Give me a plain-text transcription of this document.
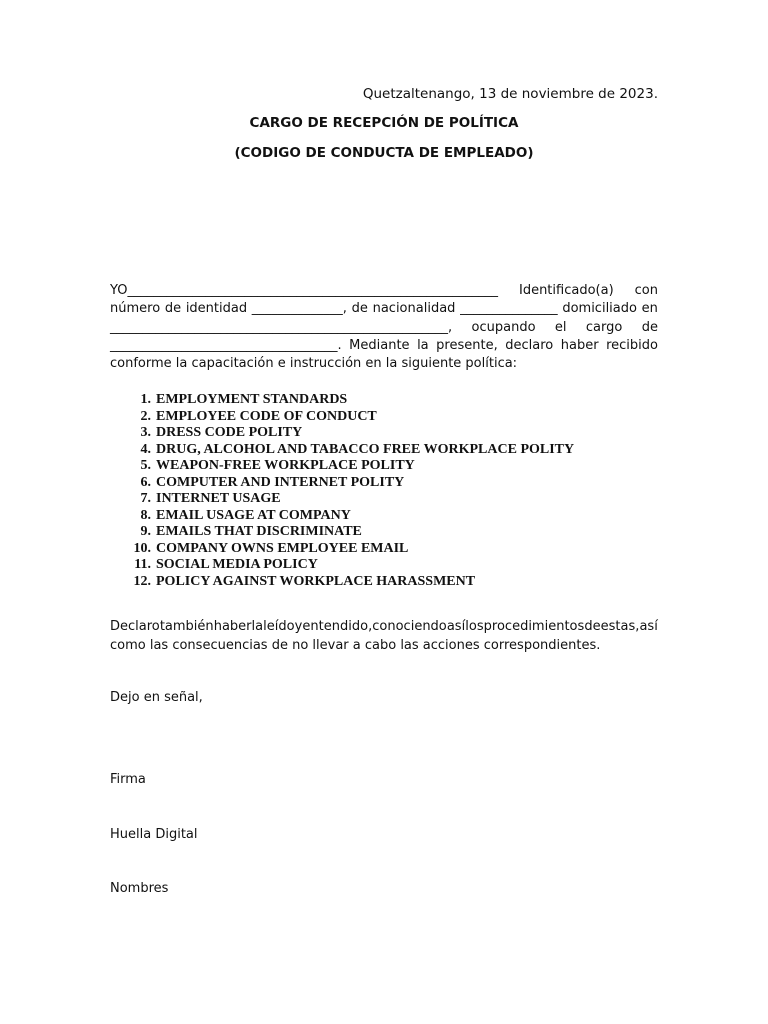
Quetzaltenango, 13 de noviembre de 2023.
CARGO DE RECEPCIÓN DE POLÍTICA
(CODIGO DE CONDUCTA DE EMPLEADO)
YO_________________________________________________________ Identificado(a) con
número de identidad ______________, de nacionalidad _______________ domiciliado en
____________________________________________________, ocupando el cargo de
___________________________________. Mediante la presente, declaro haber recibido
conforme la capacitación e instrucción en la siguiente política:
1. EMPLOYMENT STANDARDS
2. EMPLOYEE CODE OF CONDUCT
3. DRESS CODE POLITY
4. DRUG, ALCOHOL AND TABACCO FREE WORKPLACE POLITY
5. WEAPON-FREE WORKPLACE POLITY
6. COMPUTER AND INTERNET POLITY
7. INTERNET USAGE
8. EMAIL USAGE AT COMPANY
9. EMAILS THAT DISCRIMINATE
10. COMPANY OWNS EMPLOYEE EMAIL
11. SOCIAL MEDIA POLICY
12. POLICY AGAINST WORKPLACE HARASSMENT
Declaro también haberla leído y entendido, conociendo así los procedimientos de estas, así
como las consecuencias de no llevar a cabo las acciones correspondientes.
Dejo en señal,
Firma
Huella Digital
Nombres
